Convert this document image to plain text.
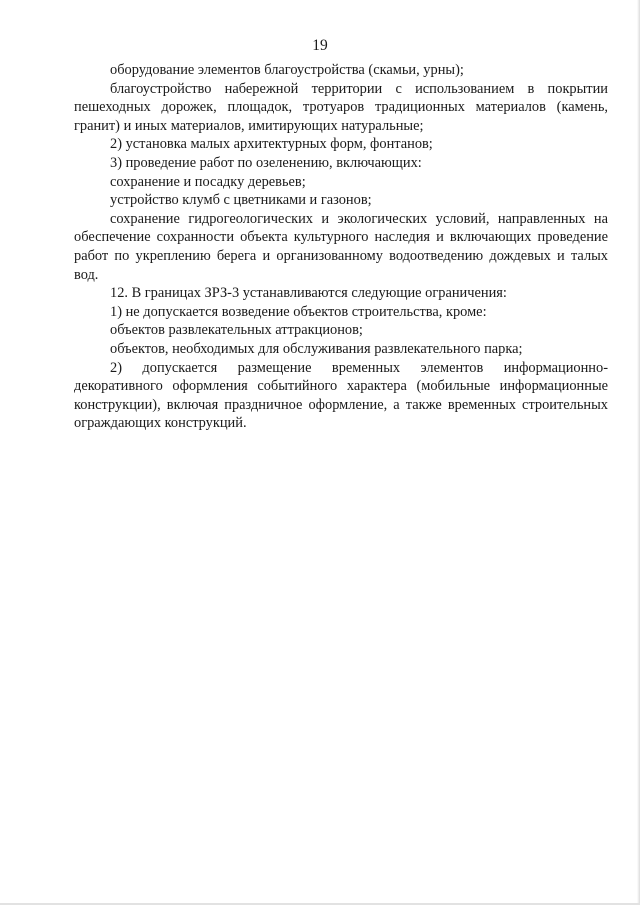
19

оборудование элементов благоустройства (скамьи, урны);

благоустройство набережной территории с использованием в покрытии пешеходных дорожек, площадок, тротуаров традиционных материалов (камень, гранит) и иных материалов, имитирующих натуральные;

2) установка малых архитектурных форм, фонтанов;

3) проведение работ по озеленению, включающих:

сохранение и посадку деревьев;

устройство клумб с цветниками и газонов;

сохранение гидрогеологических и экологических условий, направленных на обеспечение сохранности объекта культурного наследия и включающих проведение работ по укреплению берега и организованному водоотведению дождевых и талых вод.

12. В границах ЗРЗ-3 устанавливаются следующие ограничения:

1) не допускается возведение объектов строительства, кроме:

объектов развлекательных аттракционов;

объектов, необходимых для обслуживания развлекательного парка;

2) допускается размещение временных элементов информационно-декоративного оформления событийного характера (мобильные информационные конструкции), включая праздничное оформление, а также временных строительных ограждающих конструкций.
